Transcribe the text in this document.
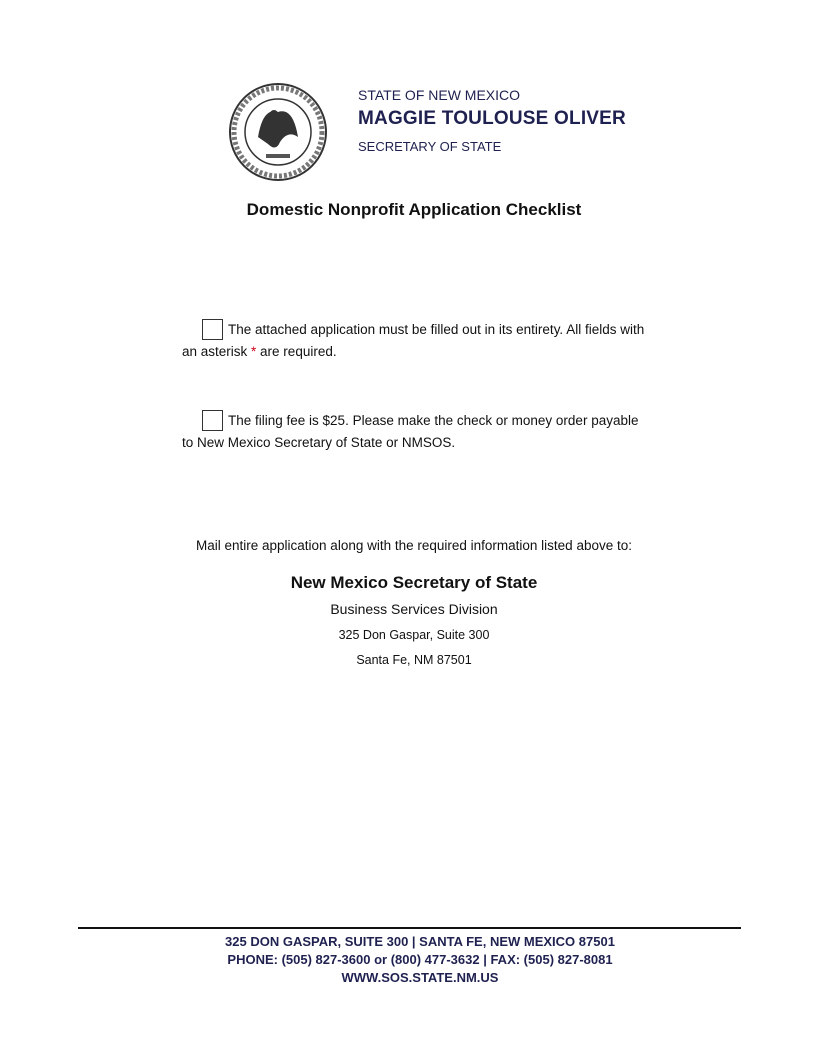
STATE OF NEW MEXICO
MAGGIE TOULOUSE OLIVER
SECRETARY OF STATE
Domestic Nonprofit Application Checklist
The attached application must be filled out in its entirety. All fields with an asterisk * are required.
The filing fee is $25. Please make the check or money order payable to New Mexico Secretary of State or NMSOS.
Mail entire application along with the required information listed above to:
New Mexico Secretary of State
Business Services Division
325 Don Gaspar, Suite 300
Santa Fe, NM 87501
325 DON GASPAR, SUITE 300 | SANTA FE, NEW MEXICO 87501
PHONE: (505) 827-3600 or (800) 477-3632 | FAX: (505) 827-8081
WWW.SOS.STATE.NM.US
